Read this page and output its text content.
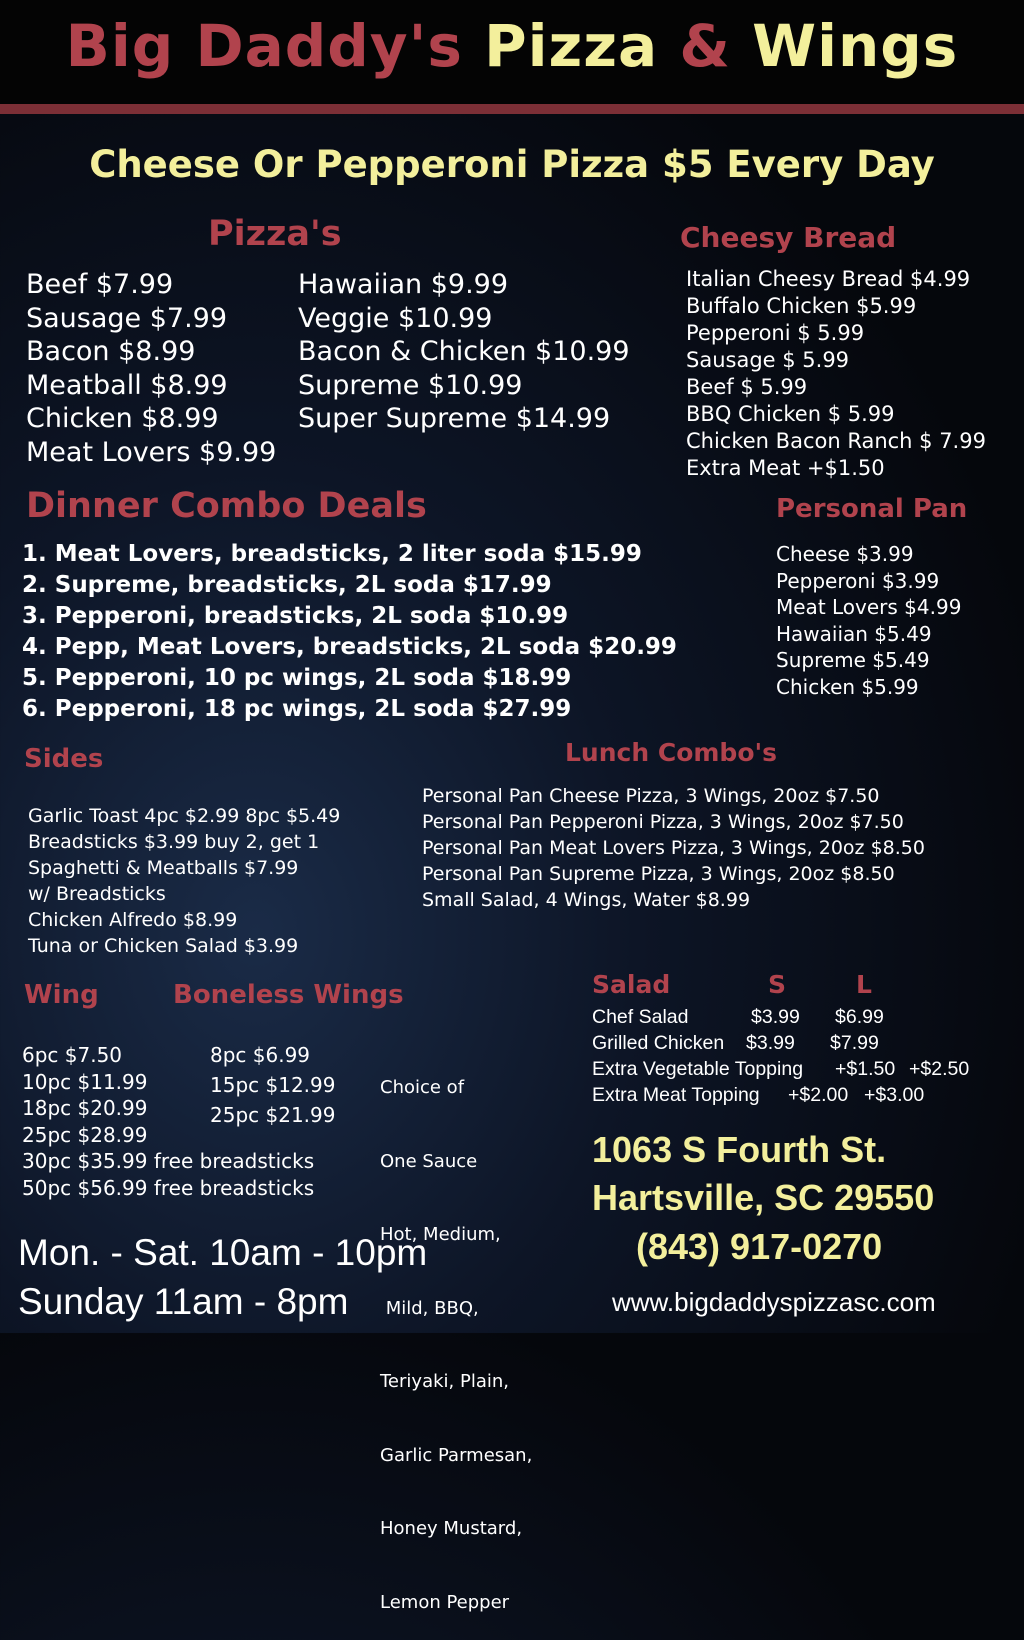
Big Daddy's Pizza & Wings
Cheese Or Pepperoni Pizza $5 Every Day
Pizza's
Beef $7.99
Sausage $7.99
Bacon $8.99
Meatball $8.99
Chicken $8.99
Meat Lovers $9.99
Hawaiian $9.99
Veggie $10.99
Bacon & Chicken $10.99
Supreme $10.99
Super Supreme $14.99
Cheesy Bread
Italian Cheesy Bread $4.99
Buffalo Chicken $5.99
Pepperoni $ 5.99
Sausage $ 5.99
Beef $ 5.99
BBQ Chicken $ 5.99
Chicken Bacon Ranch $ 7.99
Extra Meat +$1.50
Dinner Combo Deals
1. Meat Lovers, breadsticks, 2 liter soda $15.99
2. Supreme, breadsticks, 2L soda $17.99
3. Pepperoni, breadsticks, 2L soda $10.99
4. Pepp, Meat Lovers, breadsticks, 2L soda $20.99
5. Pepperoni, 10 pc wings, 2L soda $18.99
6. Pepperoni, 18 pc wings, 2L soda $27.99
Personal Pan
Cheese $3.99
Pepperoni $3.99
Meat Lovers $4.99
Hawaiian $5.49
Supreme $5.49
Chicken $5.99
Sides
Garlic Toast 4pc $2.99 8pc $5.49
Breadsticks $3.99 buy 2, get 1
Spaghetti & Meatballs $7.99
w/ Breadsticks
Chicken Alfredo $8.99
Tuna or Chicken Salad $3.99
Lunch Combo's
Personal Pan Cheese Pizza, 3 Wings, 20oz $7.50
Personal Pan Pepperoni Pizza, 3 Wings, 20oz $7.50
Personal Pan Meat Lovers Pizza, 3 Wings, 20oz $8.50
Personal Pan Supreme Pizza, 3 Wings, 20oz $8.50
Small Salad, 4 Wings, Water $8.99
Wing
6pc $7.50
10pc $11.99
18pc $20.99
25pc $28.99
30pc $35.99 free breadsticks
50pc $56.99 free breadsticks
Boneless Wings
8pc $6.99
15pc $12.99
25pc $21.99

Choice of

One Sauce

Hot, Medium,

Mild, BBQ,

Teriyaki, Plain,

Garlic Parmesan,

Honey Mustard,

Lemon Pepper

Salad	S	L
Chef Salad	$3.99 $6.99
Grilled Chicken $3.99 $7.99
Extra Vegetable Topping +$1.50 +$2.50
Extra Meat Topping +$2.00 +$3.00
1063 S Fourth St.
Hartsville, SC 29550
(843) 917-0270
www.bigdaddyspizzasc.com
Mon. - Sat. 10am - 10pm
Sunday 11am - 8pm
